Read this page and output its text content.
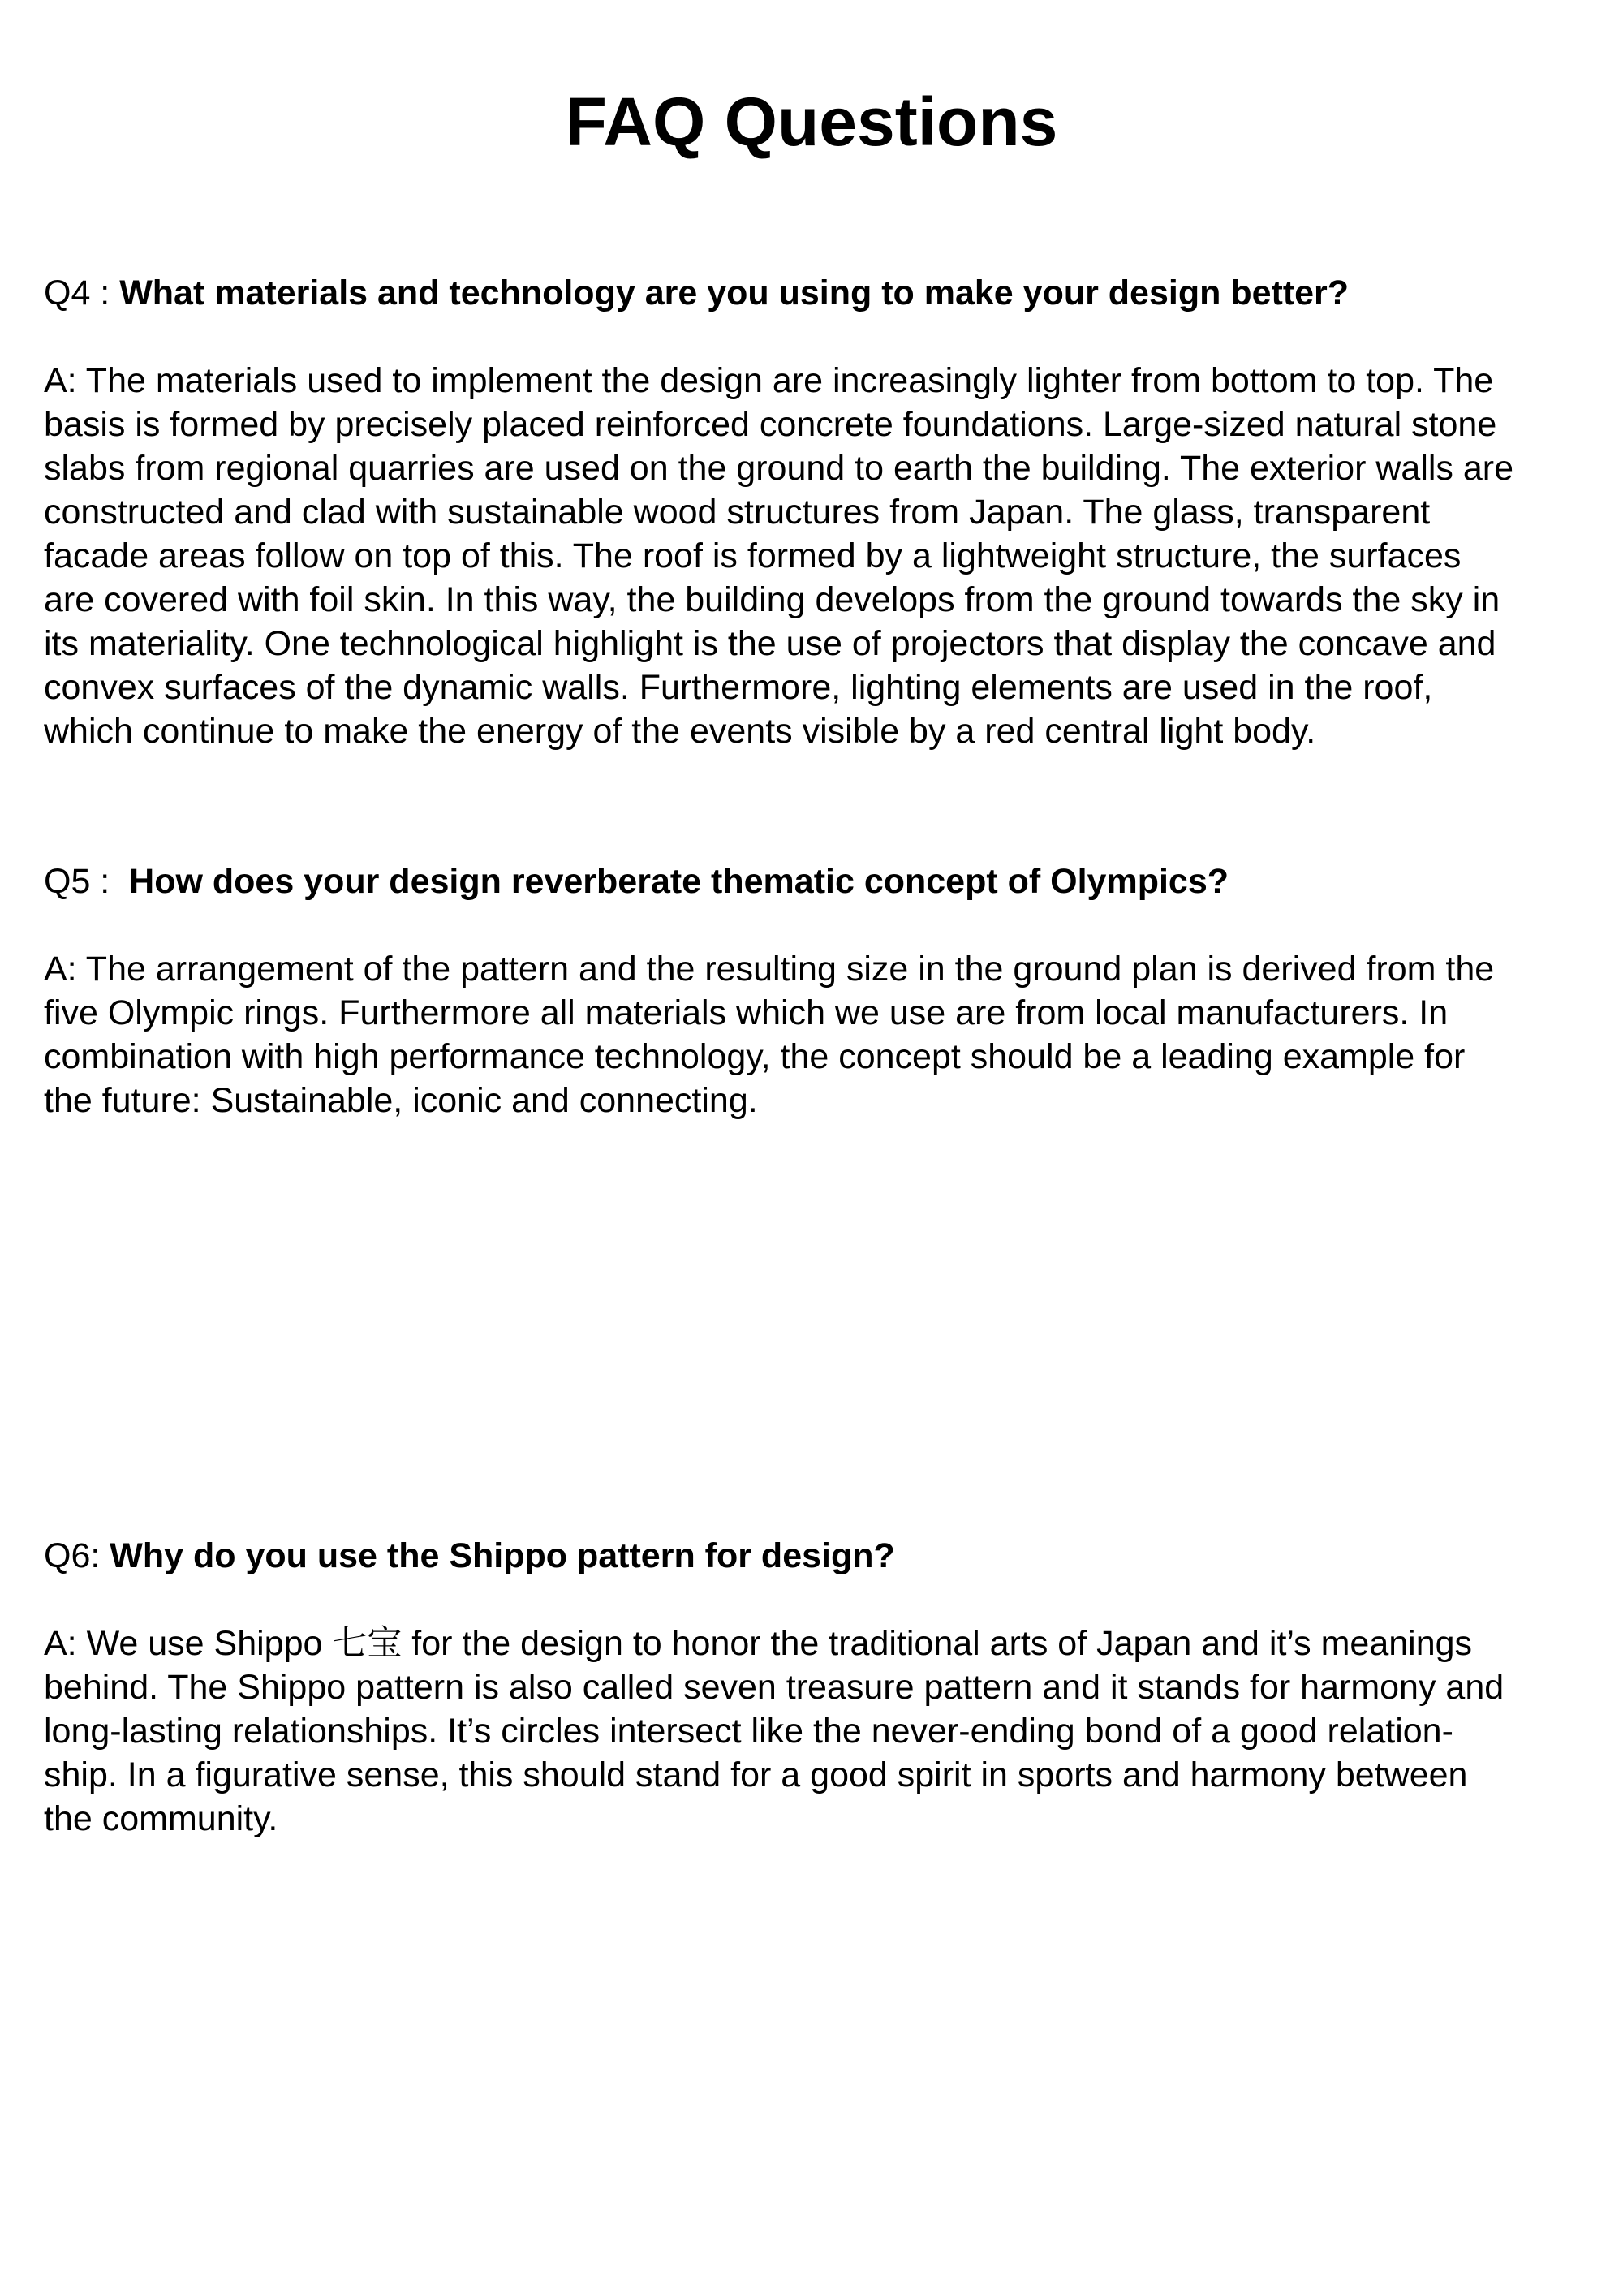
FAQ Questions

Q4 : What materials and technology are you using to make your design better?

A: The materials used to implement the design are increasingly lighter from bottom to top. The
basis is formed by precisely placed reinforced concrete foundations. Large-sized natural stone
slabs from regional quarries are used on the ground to earth the building. The exterior walls are
constructed and clad with sustainable wood structures from Japan. The glass, transparent
facade areas follow on top of this. The roof is formed by a lightweight structure, the surfaces
are covered with foil skin. In this way, the building develops from the ground towards the sky in
its materiality. One technological highlight is the use of projectors that display the concave and
convex surfaces of the dynamic walls. Furthermore, lighting elements are used in the roof,
which continue to make the energy of the events visible by a red central light body.

Q5 :  How does your design reverberate thematic concept of Olympics?

A: The arrangement of the pattern and the resulting size in the ground plan is derived from the
five Olympic rings. Furthermore all materials which we use are from local manufacturers. In
combination with high performance technology, the concept should be a leading example for
the future: Sustainable, iconic and connecting.

Q6: Why do you use the Shippo pattern for design?

A: We use Shippo 七宝 for the design to honor the traditional arts of Japan and it’s meanings
behind. The Shippo pattern is also called seven treasure pattern and it stands for harmony and
long-lasting relationships. It’s circles intersect like the never-ending bond of a good relation-
ship. In a figurative sense, this should stand for a good spirit in sports and harmony between
the community.
